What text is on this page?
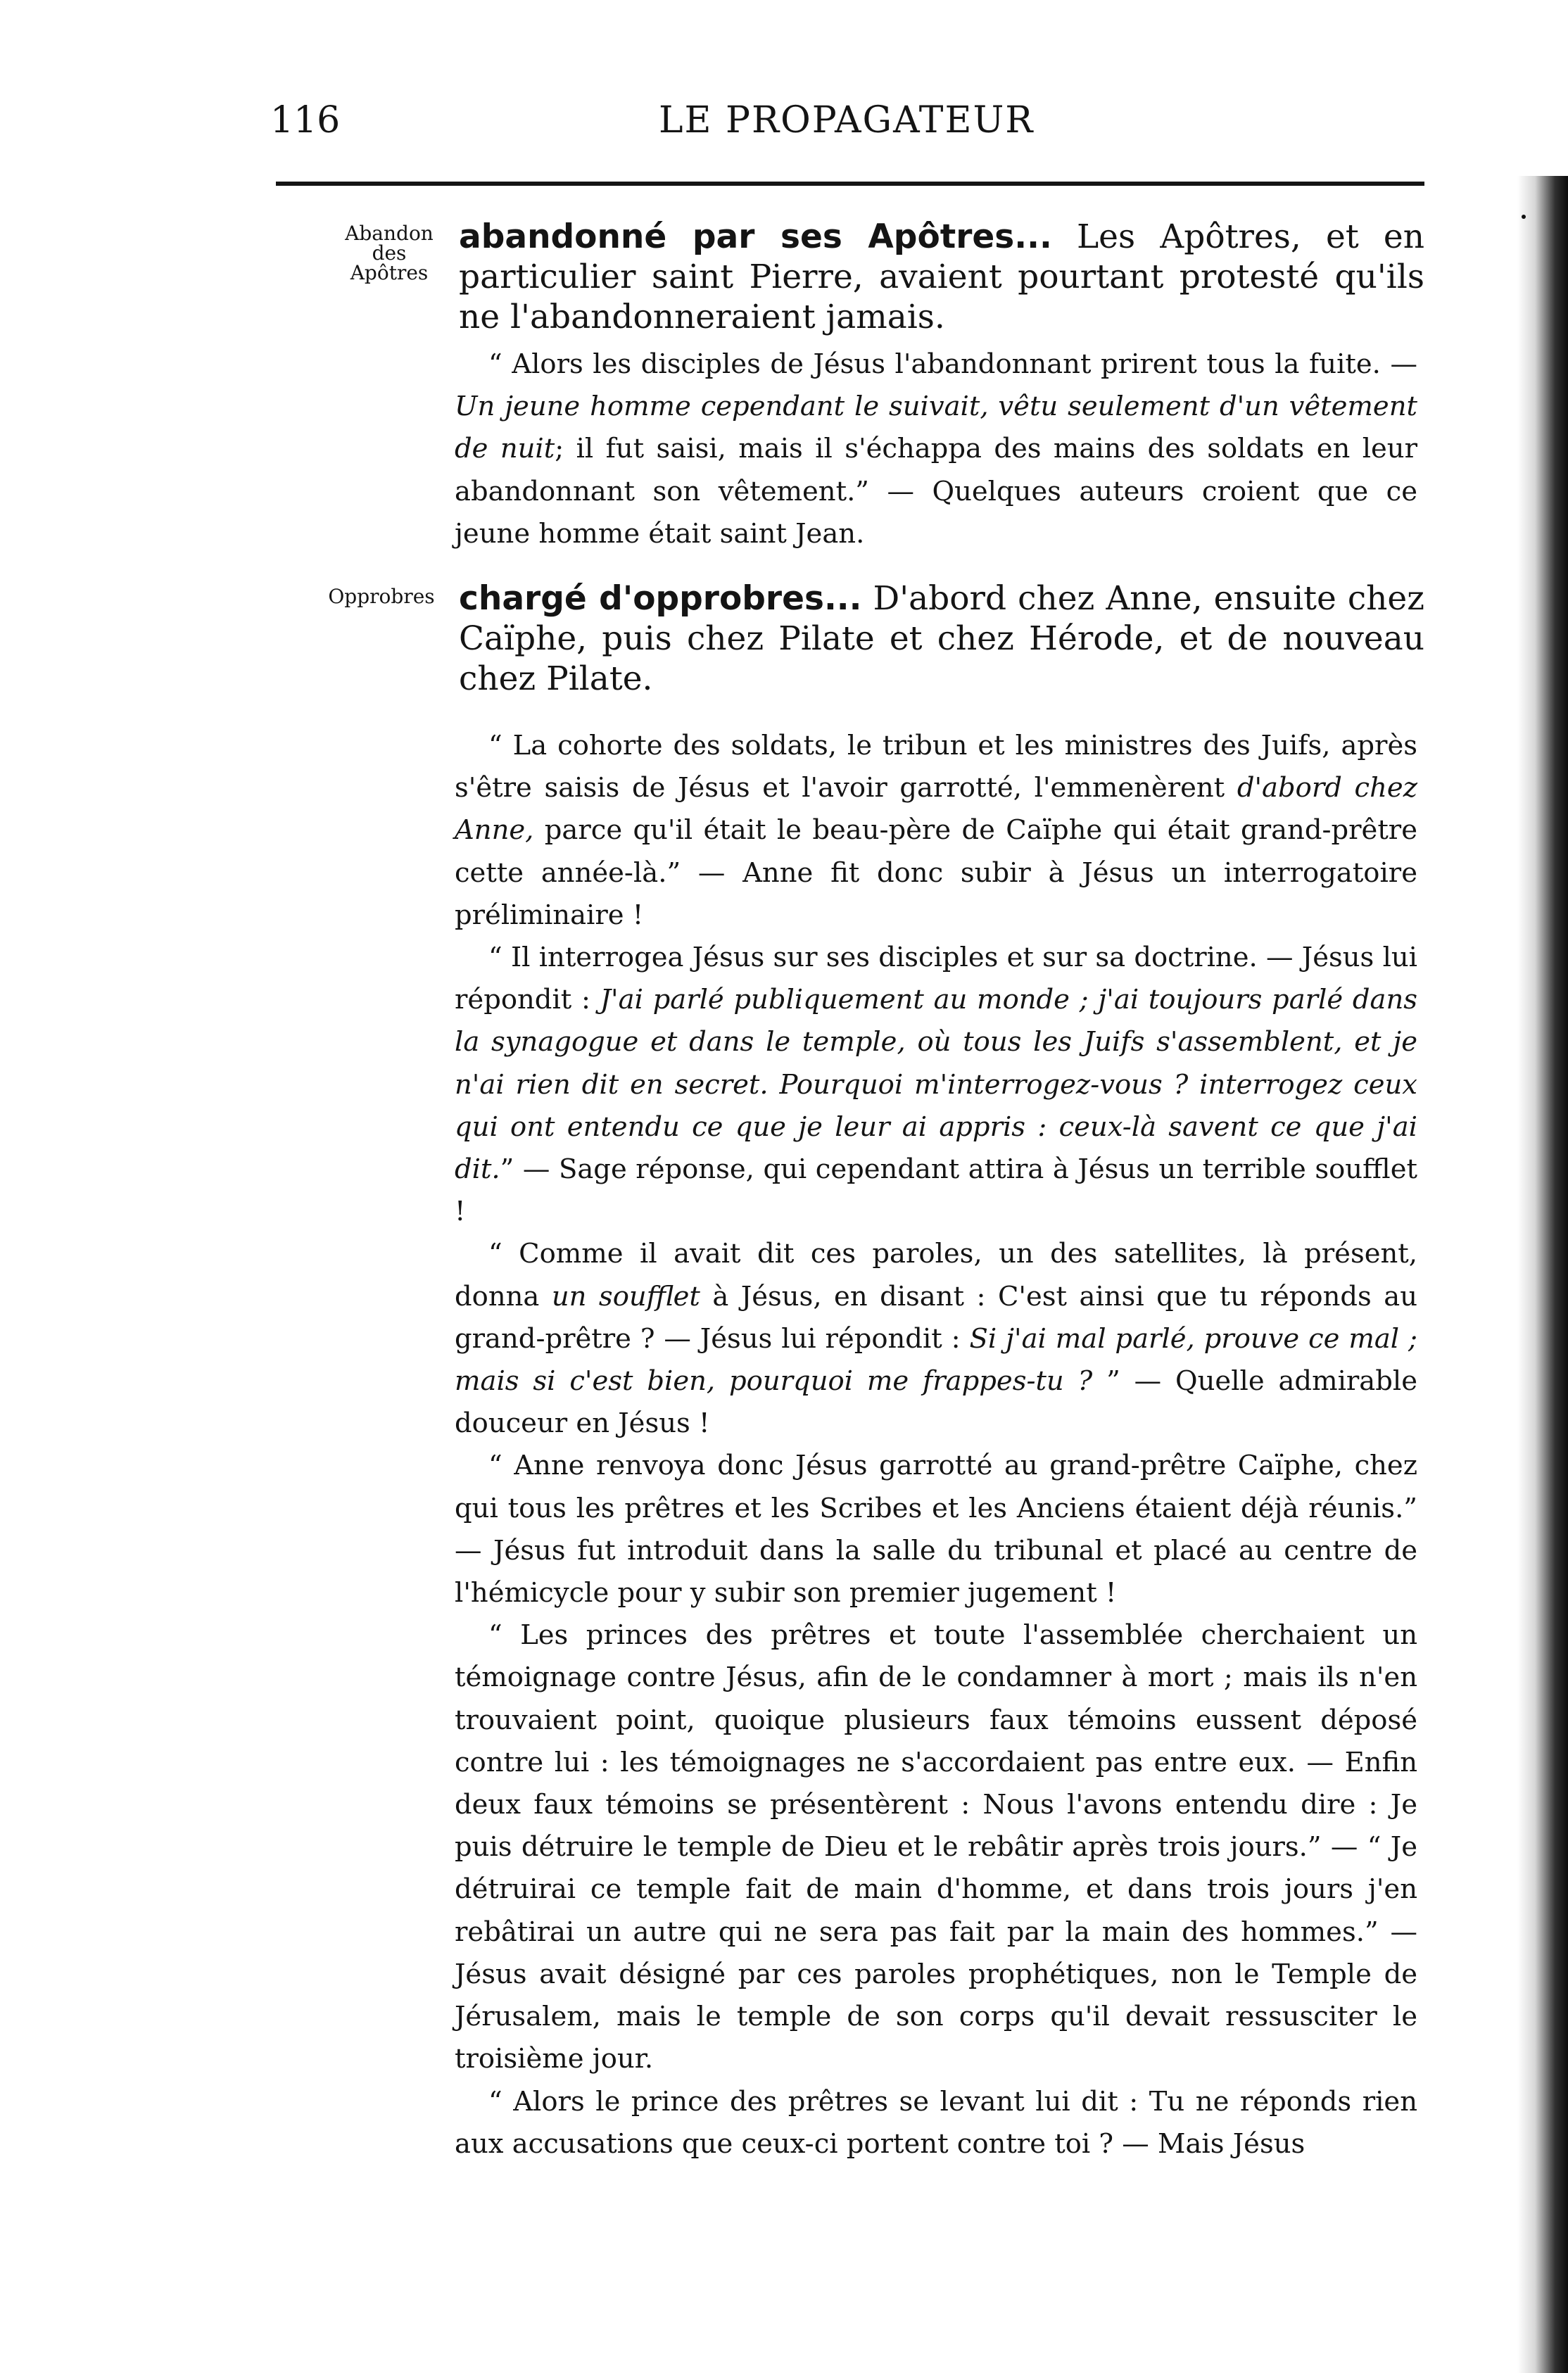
116	LE PROPAGATEUR
Abandon
des
Apôtres

abandonné par ses Apôtres... Les Apôtres, et en particulier saint Pierre, avaient pourtant protesté qu'ils ne l'abandonneraient jamais.

“ Alors les disciples de Jésus l'abandonnant prirent tous la fuite. — Un jeune homme cependant le suivait, vêtu seulement d'un vêtement de nuit; il fut saisi, mais il s'échappa des mains des soldats en leur abandonnant son vêtement.” — Quelques auteurs croient que ce jeune homme était saint Jean.

Opprobres chargé d'opprobres... D'abord chez Anne, ensuite chez Caïphe, puis chez Pilate et chez Hérode, et de nouveau chez Pilate.

“ La cohorte des soldats, le tribun et les ministres des Juifs, après s'être saisis de Jésus et l'avoir garrotté, l'emmenèrent d'abord chez Anne, parce qu'il était le beau-père de Caïphe qui était grand-prêtre cette année-là.” — Anne fit donc subir à Jésus un interrogatoire préliminaire !

“ Il interrogea Jésus sur ses disciples et sur sa doctrine. — Jésus lui répondit : J'ai parlé publiquement au monde ; j'ai toujours parlé dans la synagogue et dans le temple, où tous les Juifs s'assemblent, et je n'ai rien dit en secret. Pourquoi m'interrogez-vous ? interrogez ceux qui ont entendu ce que je leur ai appris : ceux-là savent ce que j'ai dit.” — Sage réponse, qui cependant attira à Jésus un terrible soufflet !

“ Comme il avait dit ces paroles, un des satellites, là présent, donna un soufflet à Jésus, en disant : C'est ainsi que tu réponds au grand-prêtre ? — Jésus lui répondit : Si j'ai mal parlé, prouve ce mal ; mais si c'est bien, pourquoi me frappes-tu ? ” — Quelle admirable douceur en Jésus !

“ Anne renvoya donc Jésus garrotté au grand-prêtre Caïphe, chez qui tous les prêtres et les Scribes et les Anciens étaient déjà réunis.” — Jésus fut introduit dans la salle du tribunal et placé au centre de l'hémicycle pour y subir son premier jugement !

“ Les princes des prêtres et toute l'assemblée cherchaient un témoignage contre Jésus, afin de le condamner à mort ; mais ils n'en trouvaient point, quoique plusieurs faux témoins eussent déposé contre lui : les témoignages ne s'accordaient pas entre eux. — Enfin deux faux témoins se présentèrent : Nous l'avons entendu dire : Je puis détruire le temple de Dieu et le rebâtir après trois jours.” — “ Je détruirai ce temple fait de main d'homme, et dans trois jours j'en rebâtirai un autre qui ne sera pas fait par la main des hommes.” — Jésus avait désigné par ces paroles prophétiques, non le Temple de Jérusalem, mais le temple de son corps qu'il devait ressusciter le troisième jour.

“ Alors le prince des prêtres se levant lui dit : Tu ne réponds rien aux accusations que ceux-ci portent contre toi ? — Mais Jésus
